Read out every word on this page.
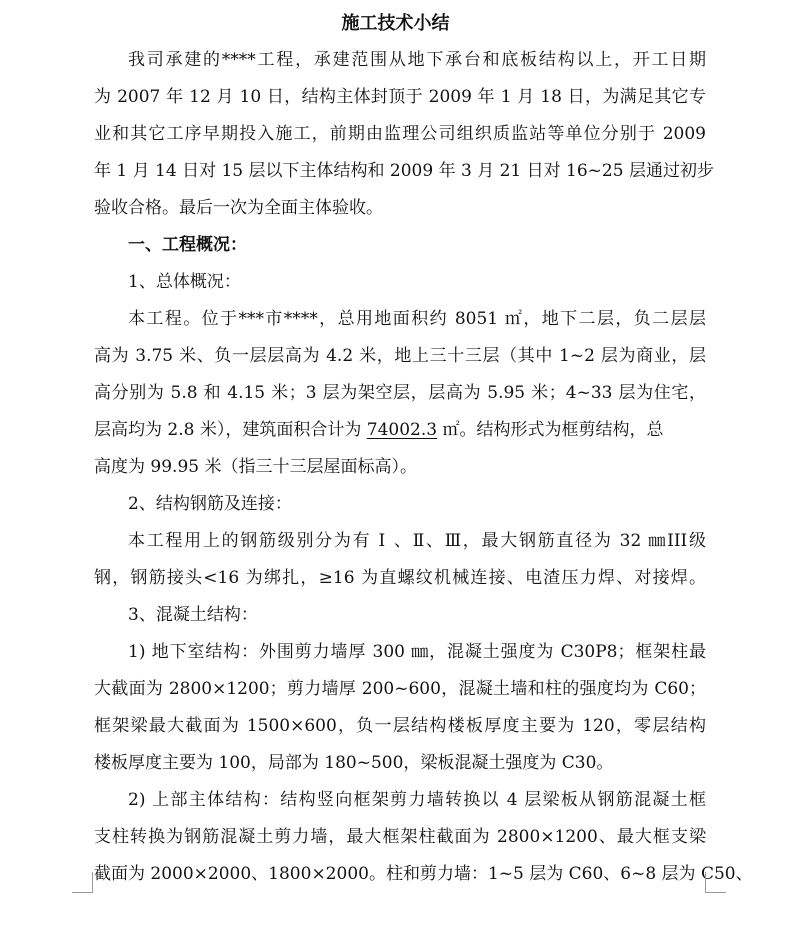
施工技术小结
我司承建的****工程，承建范围从地下承台和底板结构以上，开工日期
为 2007 年 12 月 10 日，结构主体封顶于 2009 年 1 月 18 日，为满足其它专
业和其它工序早期投入施工，前期由监理公司组织质监站等单位分别于 2009
年 1 月 14 日对 15 层以下主体结构和 2009 年 3 月 21 日对 16~25 层通过初步
验收合格。最后一次为全面主体验收。
一、工程概况：
1、总体概况：
本工程。位于***市****，总用地面积约 8051 ㎡，地下二层，负二层层
高为 3.75 米、负一层层高为 4.2 米，地上三十三层（其中 1~2 层为商业，层
高分别为 5.8 和 4.15 米；3 层为架空层，层高为 5.95 米；4~33 层为住宅，
层高均为 2.8 米），建筑面积合计为 74002.3 ㎡。结构形式为框剪结构，总
高度为 99.95 米（指三十三层屋面标高）。
2、结构钢筋及连接：
本工程用上的钢筋级别分为有 Ⅰ 、Ⅱ、Ⅲ，最大钢筋直径为 32 ㎜III级
钢，钢筋接头<16 为绑扎，≥16 为直螺纹机械连接、电渣压力焊、对接焊。
3、混凝土结构：
1) 地下室结构：外围剪力墙厚 300 ㎜，混凝土强度为 C30P8；框架柱最
大截面为 2800×1200；剪力墙厚 200~600，混凝土墙和柱的强度均为 C60；
框架梁最大截面为 1500×600，负一层结构楼板厚度主要为 120，零层结构
楼板厚度主要为 100，局部为 180~500，梁板混凝土强度为 C30。
2) 上部主体结构：结构竖向框架剪力墙转换以 4 层梁板从钢筋混凝土框
支柱转换为钢筋混凝土剪力墙，最大框架柱截面为 2800×1200、最大框支梁
截面为 2000×2000、1800×2000。柱和剪力墙：1~5 层为 C60、6~8 层为 C50、
